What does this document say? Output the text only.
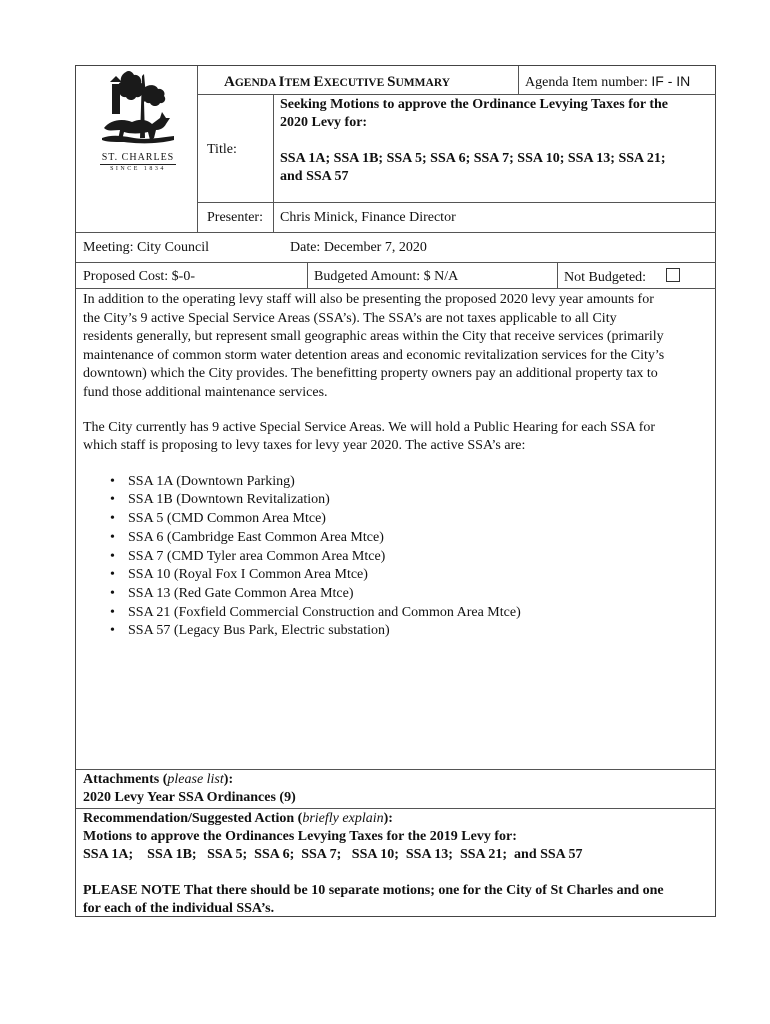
ST. CHARLES
SINCE 1834
AGENDA ITEM EXECUTIVE SUMMARY	Agenda Item number: IF - IN
Title:
Seeking Motions to approve the Ordinance Levying Taxes for the
2020 Levy for:
SSA 1A; SSA 1B; SSA 5; SSA 6; SSA 7; SSA 10; SSA 13; SSA 21;
and SSA 57
Presenter: Chris Minick, Finance Director
Meeting: City Council	Date: December 7, 2020
Proposed Cost: $-0-	Budgeted Amount: $ N/A	Not Budgeted:
In addition to the operating levy staff will also be presenting the proposed 2020 levy year amounts for
the City’s 9 active Special Service Areas (SSA’s). The SSA’s are not taxes applicable to all City
residents generally, but represent small geographic areas within the City that receive services (primarily
maintenance of common storm water detention areas and economic revitalization services for the City’s
downtown) which the City provides. The benefitting property owners pay an additional property tax to
fund those additional maintenance services.
The City currently has 9 active Special Service Areas. We will hold a Public Hearing for each SSA for
which staff is proposing to levy taxes for levy year 2020. The active SSA’s are:
• SSA 1A (Downtown Parking)
• SSA 1B (Downtown Revitalization)
• SSA 5 (CMD Common Area Mtce)
• SSA 6 (Cambridge East Common Area Mtce)
• SSA 7 (CMD Tyler area Common Area Mtce)
• SSA 10 (Royal Fox I Common Area Mtce)
• SSA 13 (Red Gate Common Area Mtce)
• SSA 21 (Foxfield Commercial Construction and Common Area Mtce)
• SSA 57 (Legacy Bus Park, Electric substation)
Attachments (please list):
2020 Levy Year SSA Ordinances (9)
Recommendation/Suggested Action (briefly explain):
Motions to approve the Ordinances Levying Taxes for the 2019 Levy for:
SSA 1A;    SSA 1B;   SSA 5;  SSA 6;  SSA 7;   SSA 10;  SSA 13;  SSA 21;  and SSA 57
PLEASE NOTE That there should be 10 separate motions; one for the City of St Charles and one
for each of the individual SSA’s.
